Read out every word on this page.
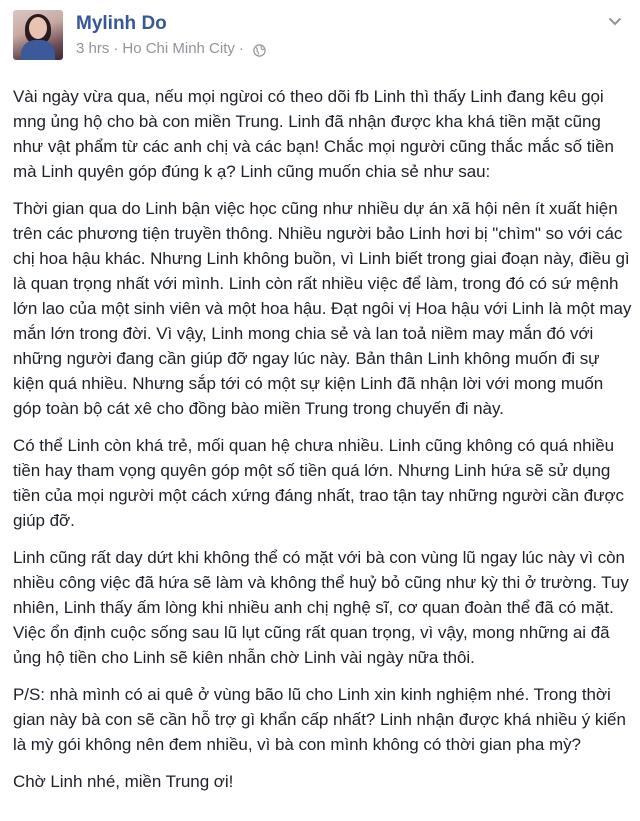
Mylinh Do
3 hrs · Ho Chi Minh City ·

Vài ngày vừa qua, nếu mọi ngừoi có theo dõi fb Linh thì thấy Linh đang kêu gọi mng ủng hộ cho bà con miền Trung. Linh đã nhận được kha khá tiền mặt cũng như vật phẩm từ các anh chị và các bạn! Chắc mọi người cũng thắc mắc số tiền mà Linh quyên góp đúng k ạ? Linh cũng muốn chia sẻ như sau:

Thời gian qua do Linh bận việc học cũng như nhiều dự án xã hội nên ít xuất hiện trên các phương tiện truyền thông. Nhiều người bảo Linh hơi bị "chìm" so với các chị hoa hậu khác. Nhưng Linh không buồn, vì Linh biết trong giai đoạn này, điều gì là quan trọng nhất với mình. Linh còn rất nhiều việc để làm, trong đó có sứ mệnh lớn lao của một sinh viên và một hoa hậu. Đạt ngôi vị Hoa hậu với Linh là một may mắn lớn trong đời. Vì vậy, Linh mong chia sẻ và lan toả niềm may mắn đó với những người đang cần giúp đỡ ngay lúc này. Bản thân Linh không muốn đi sự kiện quá nhiều. Nhưng sắp tới có một sự kiện Linh đã nhận lời với mong muốn góp toàn bộ cát xê cho đồng bào miền Trung trong chuyến đi này.

Có thể Linh còn khá trẻ, mối quan hệ chưa nhiều. Linh cũng không có quá nhiều tiền hay tham vọng quyên góp một số tiền quá lớn. Nhưng Linh hứa sẽ sử dụng tiền của mọi người một cách xứng đáng nhất, trao tận tay những người cần được giúp đỡ.

Linh cũng rất day dứt khi không thể có mặt với bà con vùng lũ ngay lúc này vì còn nhiều công việc đã hứa sẽ làm và không thể huỷ bỏ cũng như kỳ thi ở trường. Tuy nhiên, Linh thấy ấm lòng khi nhiều anh chị nghệ sĩ, cơ quan đoàn thể đã có mặt. Việc ổn định cuộc sống sau lũ lụt cũng rất quan trọng, vì vậy, mong những ai đã ủng hộ tiền cho Linh sẽ kiên nhẫn chờ Linh vài ngày nữa thôi.

P/S: nhà mình có ai quê ở vùng bão lũ cho Linh xin kinh nghiệm nhé. Trong thời gian này bà con sẽ cần hỗ trợ gì khẩn cấp nhất? Linh nhận được khá nhiều ý kiến là mỳ gói không nên đem nhiều, vì bà con mình không có thời gian pha mỳ?

Chờ Linh nhé, miền Trung ơi!
